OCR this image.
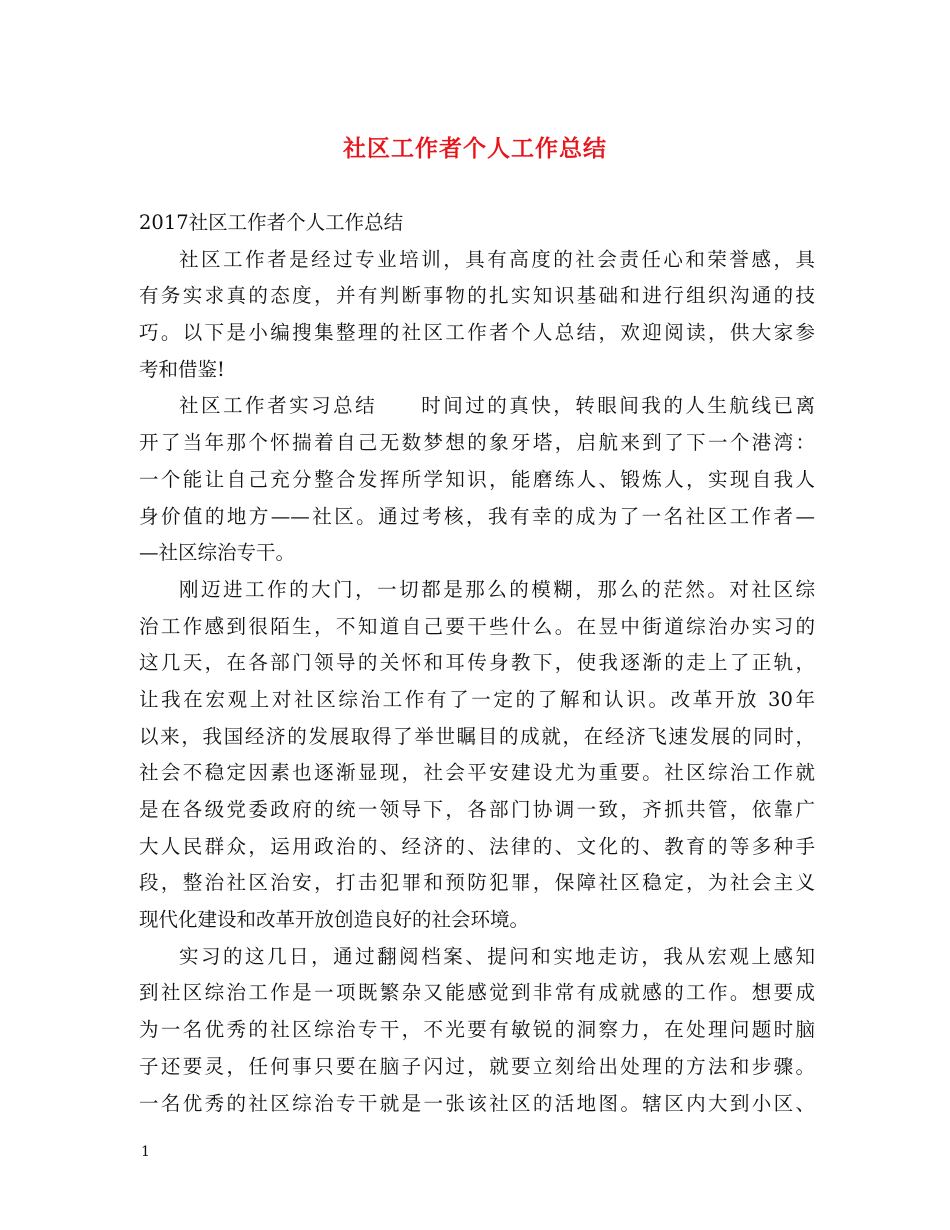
社区工作者个人工作总结
2017社区工作者个人工作总结
社区工作者是经过专业培训，具有高度的社会责任心和荣誉感，具
有务实求真的态度，并有判断事物的扎实知识基础和进行组织沟通的技
巧。以下是小编搜集整理的社区工作者个人总结，欢迎阅读，供大家参
考和借鉴!
社区工作者实习总结　　时间过的真快，转眼间我的人生航线已离
开了当年那个怀揣着自己无数梦想的象牙塔，启航来到了下一个港湾：
一个能让自己充分整合发挥所学知识，能磨练人、锻炼人，实现自我人
身价值的地方——社区。通过考核，我有幸的成为了一名社区工作者—
—社区综治专干。
刚迈进工作的大门，一切都是那么的模糊，那么的茫然。对社区综
治工作感到很陌生，不知道自己要干些什么。在昱中街道综治办实习的
这几天，在各部门领导的关怀和耳传身教下，使我逐渐的走上了正轨，
让我在宏观上对社区综治工作有了一定的了解和认识。改革开放 30年
以来，我国经济的发展取得了举世瞩目的成就，在经济飞速发展的同时，
社会不稳定因素也逐渐显现，社会平安建设尤为重要。社区综治工作就
是在各级党委政府的统一领导下，各部门协调一致，齐抓共管，依靠广
大人民群众，运用政治的、经济的、法律的、文化的、教育的等多种手
段，整治社区治安，打击犯罪和预防犯罪，保障社区稳定，为社会主义
现代化建设和改革开放创造良好的社会环境。
实习的这几日，通过翻阅档案、提问和实地走访，我从宏观上感知
到社区综治工作是一项既繁杂又能感觉到非常有成就感的工作。想要成
为一名优秀的社区综治专干，不光要有敏锐的洞察力，在处理问题时脑
子还要灵，任何事只要在脑子闪过，就要立刻给出处理的方法和步骤。
一名优秀的社区综治专干就是一张该社区的活地图。辖区内大到小区、
1
